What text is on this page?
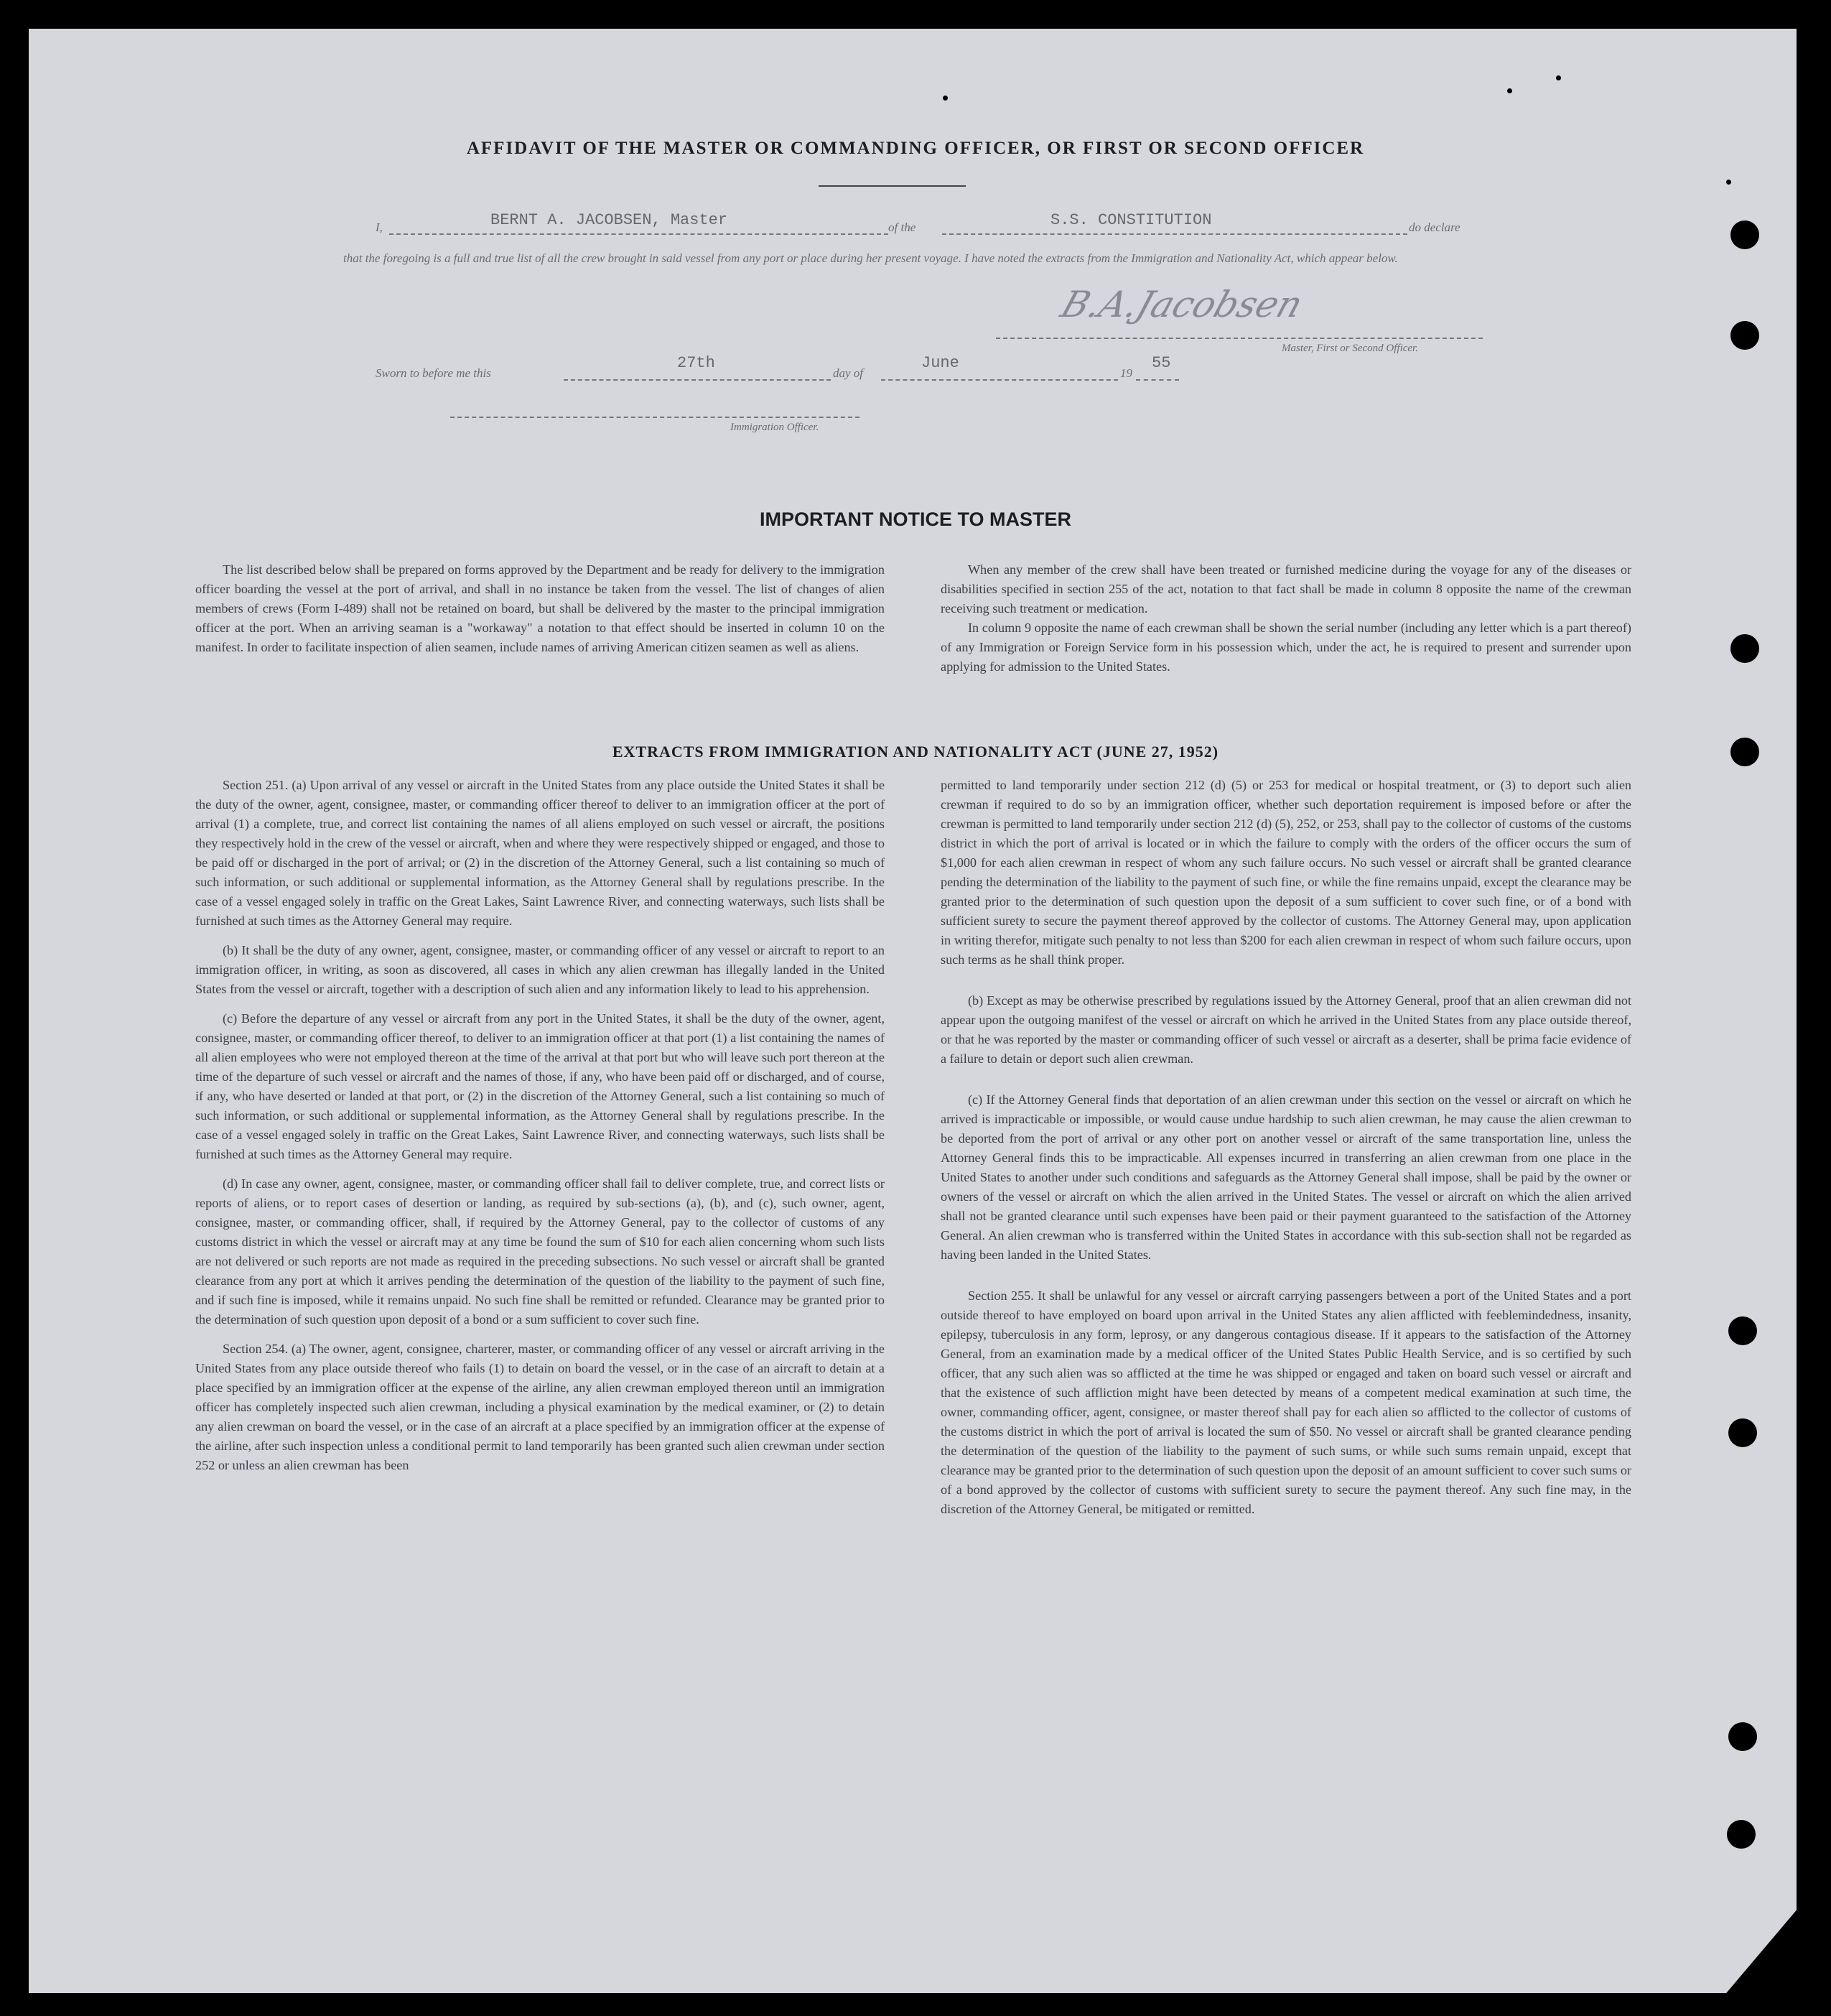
AFFIDAVIT OF THE MASTER OR COMMANDING OFFICER, OR FIRST OR SECOND OFFICER
I,	BERNT A. JACOBSEN, Master	of the	S.S. CONSTITUTION	do declare
that the foregoing is a full and true list of all the crew brought in said vessel from any port or place during her present voyage. I have noted the extracts from the Immigration and Nationality Act, which appear below.
B.A.Jacobsen
Master, First or Second Officer.
Sworn to before me this
27th
day of
June
19
55
Immigration Officer.
IMPORTANT NOTICE TO MASTER

The list described below shall be prepared on forms approved by the Department and be ready for delivery to the immigration officer boarding the vessel at the port of arrival, and shall in no instance be taken from the vessel. The list of changes of alien members of crews (Form I-489) shall not be retained on board, but shall be delivered by the master to the principal immigration officer at the port. When an arriving seaman is a "workaway" a notation to that effect should be inserted in column 10 on the manifest. In order to facilitate inspection of alien seamen, include names of arriving American citizen seamen as well as aliens.

When any member of the crew shall have been treated or furnished medicine during the voyage for any of the diseases or disabilities specified in section 255 of the act, notation to that fact shall be made in column 8 opposite the name of the crewman receiving such treatment or medication.

In column 9 opposite the name of each crewman shall be shown the serial number (including any letter which is a part thereof) of any Immigration or Foreign Service form in his possession which, under the act, he is required to present and surrender upon applying for admission to the United States.

EXTRACTS FROM IMMIGRATION AND NATIONALITY ACT (JUNE 27, 1952)

Section 251. (a) Upon arrival of any vessel or aircraft in the United States from any place outside the United States it shall be the duty of the owner, agent, consignee, master, or commanding officer thereof to deliver to an immigration officer at the port of arrival (1) a complete, true, and correct list containing the names of all aliens employed on such vessel or aircraft, the positions they respectively hold in the crew of the vessel or aircraft, when and where they were respectively shipped or engaged, and those to be paid off or discharged in the port of arrival; or (2) in the discretion of the Attorney General, such a list containing so much of such information, or such additional or supplemental information, as the Attorney General shall by regulations prescribe. In the case of a vessel engaged solely in traffic on the Great Lakes, Saint Lawrence River, and connecting waterways, such lists shall be furnished at such times as the Attorney General may require.

(b) It shall be the duty of any owner, agent, consignee, master, or commanding officer of any vessel or aircraft to report to an immigration officer, in writing, as soon as discovered, all cases in which any alien crewman has illegally landed in the United States from the vessel or aircraft, together with a description of such alien and any information likely to lead to his apprehension.

(c) Before the departure of any vessel or aircraft from any port in the United States, it shall be the duty of the owner, agent, consignee, master, or commanding officer thereof, to deliver to an immigration officer at that port (1) a list containing the names of all alien employees who were not employed thereon at the time of the arrival at that port but who will leave such port thereon at the time of the departure of such vessel or aircraft and the names of those, if any, who have been paid off or discharged, and of course, if any, who have deserted or landed at that port, or (2) in the discretion of the Attorney General, such a list containing so much of such information, or such additional or supplemental information, as the Attorney General shall by regulations prescribe. In the case of a vessel engaged solely in traffic on the Great Lakes, Saint Lawrence River, and connecting waterways, such lists shall be furnished at such times as the Attorney General may require.

(d) In case any owner, agent, consignee, master, or commanding officer shall fail to deliver complete, true, and correct lists or reports of aliens, or to report cases of desertion or landing, as required by sub-sections (a), (b), and (c), such owner, agent, consignee, master, or commanding officer, shall, if required by the Attorney General, pay to the collector of customs of any customs district in which the vessel or aircraft may at any time be found the sum of $10 for each alien concerning whom such lists are not delivered or such reports are not made as required in the preceding subsections. No such vessel or aircraft shall be granted clearance from any port at which it arrives pending the determination of the question of the liability to the payment of such fine, and if such fine is imposed, while it remains unpaid. No such fine shall be remitted or refunded. Clearance may be granted prior to the determination of such question upon deposit of a bond or a sum sufficient to cover such fine.

Section 254. (a) The owner, agent, consignee, charterer, master, or commanding officer of any vessel or aircraft arriving in the United States from any place outside thereof who fails (1) to detain on board the vessel, or in the case of an aircraft to detain at a place specified by an immigration officer at the expense of the airline, any alien crewman employed thereon until an immigration officer has completely inspected such alien crewman, including a physical examination by the medical examiner, or (2) to detain any alien crewman on board the vessel, or in the case of an aircraft at a place specified by an immigration officer at the expense of the airline, after such inspection unless a conditional permit to land temporarily has been granted such alien crewman under section 252 or unless an alien crewman has been

permitted to land temporarily under section 212 (d) (5) or 253 for medical or hospital treatment, or (3) to deport such alien crewman if required to do so by an immigration officer, whether such deportation requirement is imposed before or after the crewman is permitted to land temporarily under section 212 (d) (5), 252, or 253, shall pay to the collector of customs of the customs district in which the port of arrival is located or in which the failure to comply with the orders of the officer occurs the sum of $1,000 for each alien crewman in respect of whom any such failure occurs. No such vessel or aircraft shall be granted clearance pending the determination of the liability to the payment of such fine, or while the fine remains unpaid, except the clearance may be granted prior to the determination of such question upon the deposit of a sum sufficient to cover such fine, or of a bond with sufficient surety to secure the payment thereof approved by the collector of customs. The Attorney General may, upon application in writing therefor, mitigate such penalty to not less than $200 for each alien crewman in respect of whom such failure occurs, upon such terms as he shall think proper.

(b) Except as may be otherwise prescribed by regulations issued by the Attorney General, proof that an alien crewman did not appear upon the outgoing manifest of the vessel or aircraft on which he arrived in the United States from any place outside thereof, or that he was reported by the master or commanding officer of such vessel or aircraft as a deserter, shall be prima facie evidence of a failure to detain or deport such alien crewman.

(c) If the Attorney General finds that deportation of an alien crewman under this section on the vessel or aircraft on which he arrived is impracticable or impossible, or would cause undue hardship to such alien crewman, he may cause the alien crewman to be deported from the port of arrival or any other port on another vessel or aircraft of the same transportation line, unless the Attorney General finds this to be impracticable. All expenses incurred in transferring an alien crewman from one place in the United States to another under such conditions and safeguards as the Attorney General shall impose, shall be paid by the owner or owners of the vessel or aircraft on which the alien arrived in the United States. The vessel or aircraft on which the alien arrived shall not be granted clearance until such expenses have been paid or their payment guaranteed to the satisfaction of the Attorney General. An alien crewman who is transferred within the United States in accordance with this sub-section shall not be regarded as having been landed in the United States.

Section 255. It shall be unlawful for any vessel or aircraft carrying passengers between a port of the United States and a port outside thereof to have employed on board upon arrival in the United States any alien afflicted with feeblemindedness, insanity, epilepsy, tuberculosis in any form, leprosy, or any dangerous contagious disease. If it appears to the satisfaction of the Attorney General, from an examination made by a medical officer of the United States Public Health Service, and is so certified by such officer, that any such alien was so afflicted at the time he was shipped or engaged and taken on board such vessel or aircraft and that the existence of such affliction might have been detected by means of a competent medical examination at such time, the owner, commanding officer, agent, consignee, or master thereof shall pay for each alien so afflicted to the collector of customs of the customs district in which the port of arrival is located the sum of $50. No vessel or aircraft shall be granted clearance pending the determination of the question of the liability to the payment of such sums, or while such sums remain unpaid, except that clearance may be granted prior to the determination of such question upon the deposit of an amount sufficient to cover such sums or of a bond approved by the collector of customs with sufficient surety to secure the payment thereof. Any such fine may, in the discretion of the Attorney General, be mitigated or remitted.
